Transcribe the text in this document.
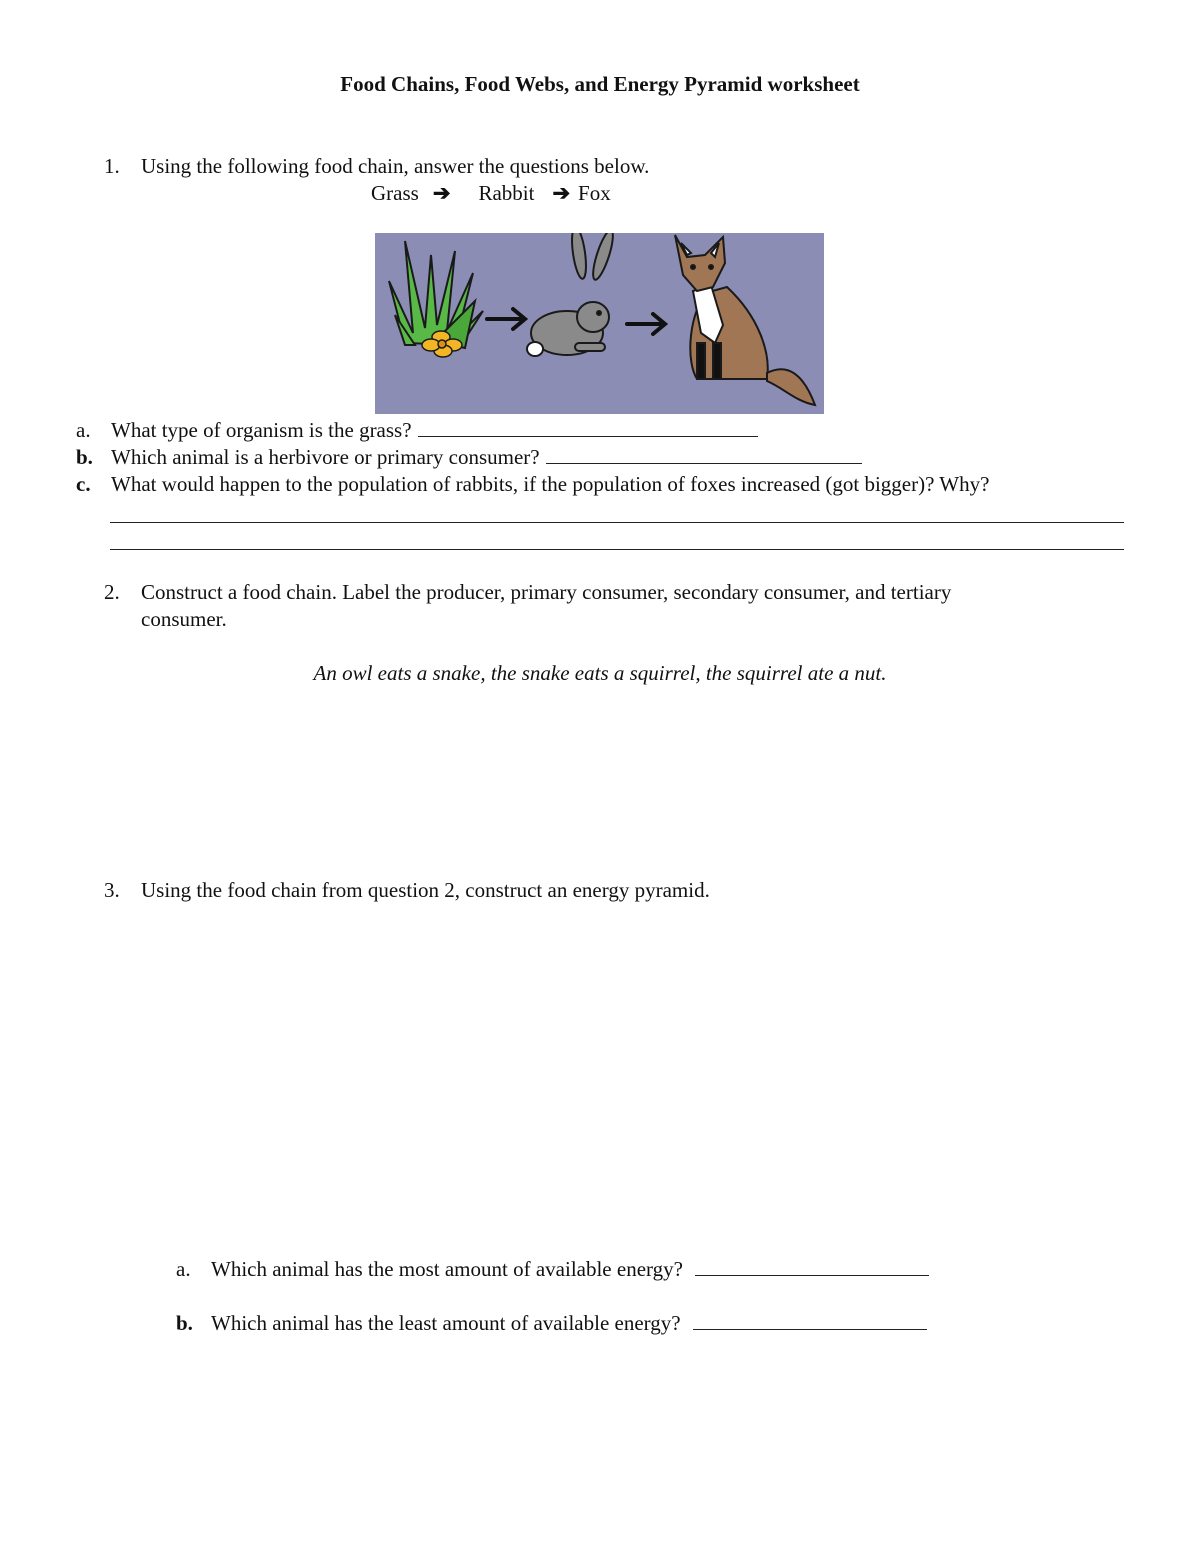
Food Chains, Food Webs, and Energy Pyramid worksheet
1.	Using the following food chain, answer the questions below.
Grass ➔ Rabbit ➔ Fox
a. What type of organism is the grass?
b. Which animal is a herbivore or primary consumer?
c. What would happen to the population of rabbits, if the population of foxes increased (got bigger)? Why?
2.	Construct a food chain. Label the producer, primary consumer, secondary consumer, and tertiary
consumer.
An owl eats a snake, the snake eats a squirrel, the squirrel ate a nut.
3.	Using the food chain from question 2, construct an energy pyramid.
a. Which animal has the most amount of available energy?
b. Which animal has the least amount of available energy?
